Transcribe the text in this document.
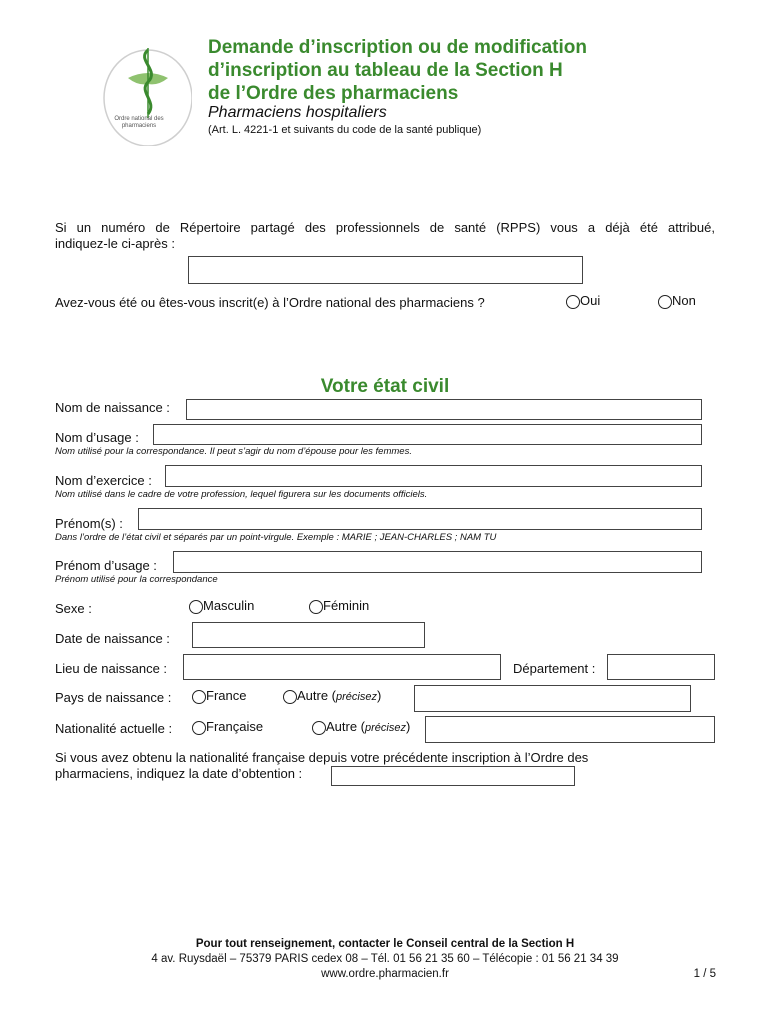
Ordre national des pharmaciens
Demande d’inscription ou de modification
d’inscription au tableau de la Section H
de l’Ordre des pharmaciens
Pharmaciens hospitaliers
(Art. L. 4221-1 et suivants du code de la santé publique)
Si un numéro de Répertoire partagé des professionnels de santé (RPPS) vous a déjà été attribué,
indiquez-le ci-après :
Avez-vous été ou êtes-vous inscrit(e) à l’Ordre national des pharmaciens ?	Oui	Non
Votre état civil
Nom de naissance :
Nom d’usage :
Nom utilisé pour la correspondance. Il peut s’agir du nom d’épouse pour les femmes.
Nom d’exercice :
Nom utilisé dans le cadre de votre profession, lequel figurera sur les documents officiels.
Prénom(s) :
Dans l’ordre de l’état civil et séparés par un point-virgule. Exemple : MARIE ; JEAN-CHARLES ; NAM TU
Prénom d’usage :
Prénom utilisé pour la correspondance
Sexe :	Masculin	Féminin
Date de naissance :
Lieu de naissance :	Département :
Pays de naissance :	France	Autre (précisez)
Nationalité actuelle :	Française	Autre (précisez)
Si vous avez obtenu la nationalité française depuis votre précédente inscription à l’Ordre des
pharmaciens, indiquez la date d’obtention :
Pour tout renseignement, contacter le Conseil central de la Section H
4 av. Ruysdaël – 75379 PARIS cedex 08 – Tél. 01 56 21 35 60 – Télécopie : 01 56 21 34 39
www.ordre.pharmacien.fr	1 / 5
